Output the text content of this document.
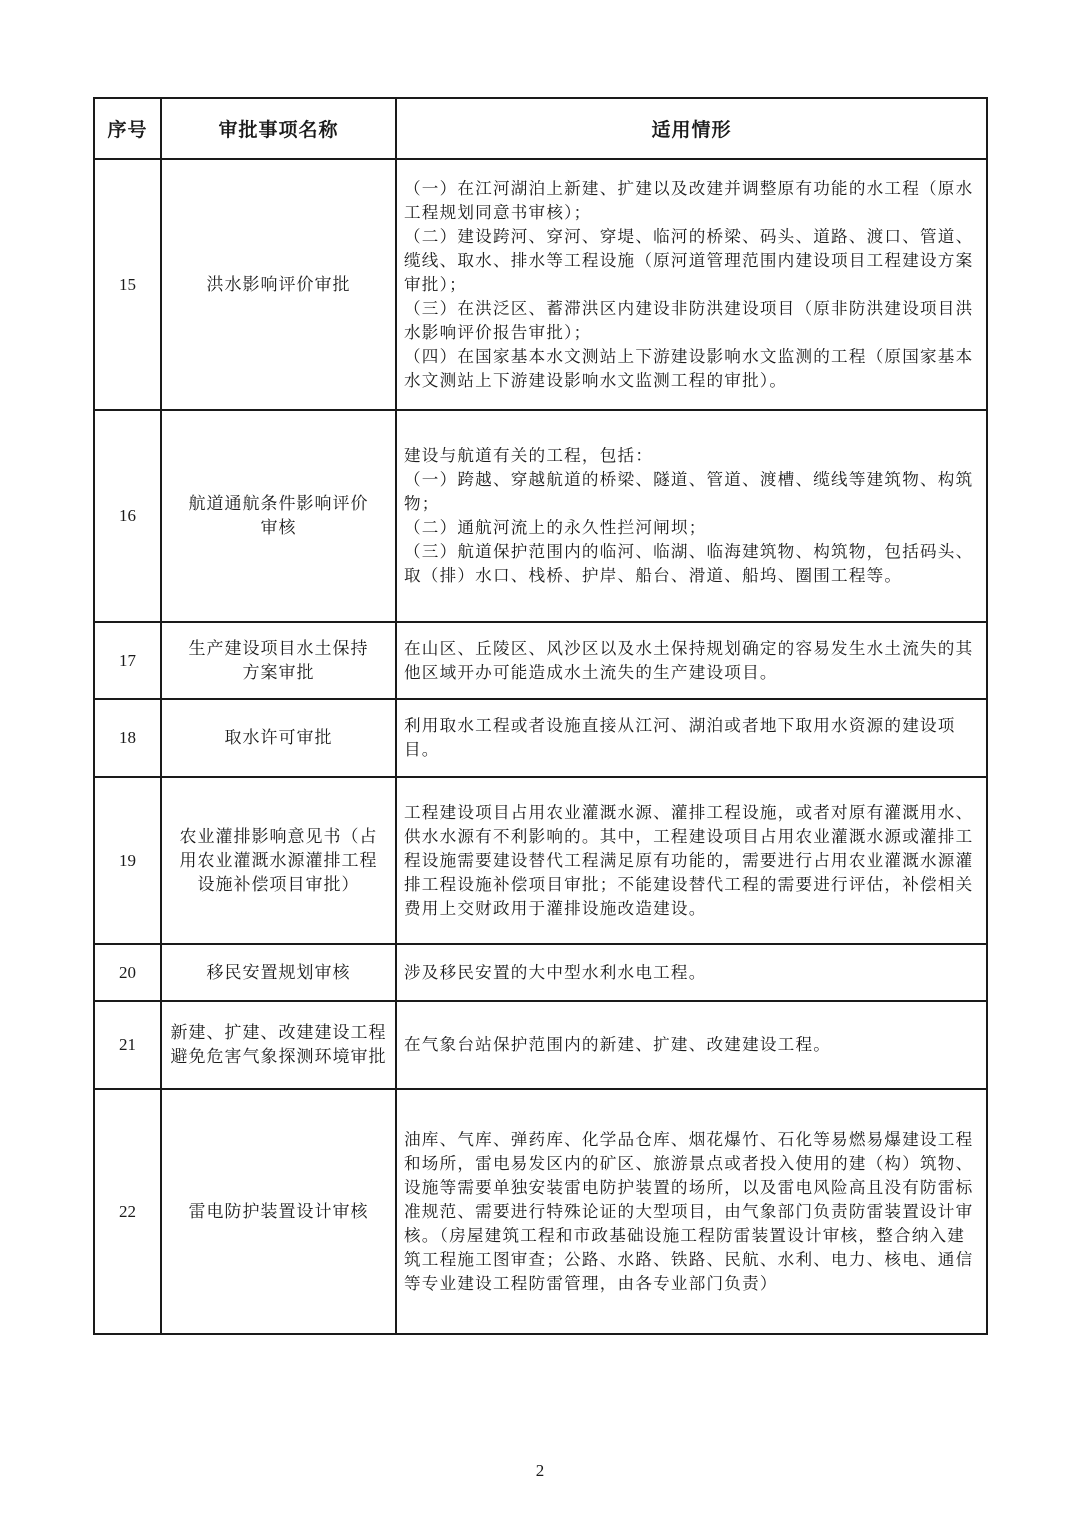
序号	审批事项名称	适用情形
15	洪水影响评价审批	（一）在江河湖泊上新建、扩建以及改建并调整原有功能的水工程（原水工程规划同意书审核）；
（二）建设跨河、穿河、穿堤、临河的桥梁、码头、道路、渡口、管道、缆线、取水、排水等工程设施（原河道管理范围内建设项目工程建设方案审批）；
（三）在洪泛区、蓄滞洪区内建设非防洪建设项目（原非防洪建设项目洪水影响评价报告审批）；
（四）在国家基本水文测站上下游建设影响水文监测的工程（原国家基本水文测站上下游建设影响水文监测工程的审批）。

16	航道通航条件影响评价审核	建设与航道有关的工程，包括：
（一）跨越、穿越航道的桥梁、隧道、管道、渡槽、缆线等建筑物、构筑物；
（二）通航河流上的永久性拦河闸坝；
（三）航道保护范围内的临河、临湖、临海建筑物、构筑物，包括码头、取（排）水口、栈桥、护岸、船台、滑道、船坞、圈围工程等。

17	生产建设项目水土保持方案审批	在山区、丘陵区、风沙区以及水土保持规划确定的容易发生水土流失的其他区域开办可能造成水土流失的生产建设项目。

18	取水许可审批	利用取水工程或者设施直接从江河、湖泊或者地下取用水资源的建设项目。

19	农业灌排影响意见书（占用农业灌溉水源灌排工程设施补偿项目审批）	工程建设项目占用农业灌溉水源、灌排工程设施，或者对原有灌溉用水、供水水源有不利影响的。其中，工程建设项目占用农业灌溉水源或灌排工程设施需要建设替代工程满足原有功能的，需要进行占用农业灌溉水源灌排工程设施补偿项目审批；不能建设替代工程的需要进行评估，补偿相关费用上交财政用于灌排设施改造建设。

20	移民安置规划审核	涉及移民安置的大中型水利水电工程。

21	新建、扩建、改建建设工程避免危害气象探测环境审批	在气象台站保护范围内的新建、扩建、改建建设工程。

22	雷电防护装置设计审核	油库、气库、弹药库、化学品仓库、烟花爆竹、石化等易燃易爆建设工程和场所，雷电易发区内的矿区、旅游景点或者投入使用的建（构）筑物、设施等需要单独安装雷电防护装置的场所，以及雷电风险高且没有防雷标准规范、需要进行特殊论证的大型项目，由气象部门负责防雷装置设计审核。（房屋建筑工程和市政基础设施工程防雷装置设计审核，整合纳入建筑工程施工图审查；公路、水路、铁路、民航、水利、电力、核电、通信等专业建设工程防雷管理，由各专业部门负责）
2
